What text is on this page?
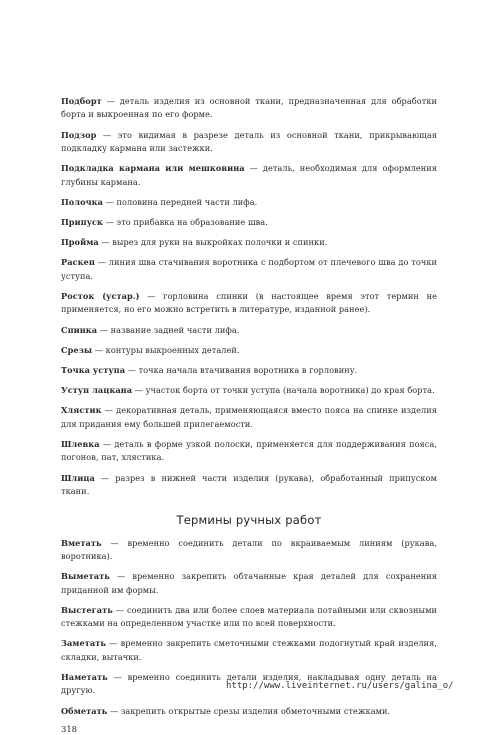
Подборт — деталь изделия из основной ткани, предназначенная для обработки борта и выкроенная по его форме.

Подзор — это видимая в разрезе деталь из основной ткани, прикрывающая подкладку кармана или застежки.

Подкладка кармана или мешковина — деталь, необходимая для оформления глубины кармана.

Полочка — половина передней части лифа.

Припуск — это прибавка на образование шва.

Пройма — вырез для руки на выкройках полочки и спинки.

Раскеп — линия шва стачивания воротника с подбортом от плечевого шва до точки уступа.

Росток (устар.) — горловина спинки (в настоящее время этот термин не применяется, но его можно встретить в литературе, изданной ранее).

Спинка — название задней части лифа.

Срезы — контуры выкроенных деталей.

Точка уступа — точка начала втачивания воротника в горловину.

Уступ лацкана — участок борта от точки уступа (начала воротника) до края борта.

Хлястик — декоративная деталь, применяющаяся вместо пояса на спинке изделия для придания ему большей прилегаемости.

Шлевка — деталь в форме узкой полоски, применяется для поддерживания пояса, погонов, пат, хлястика.

Шлица — разрез в нижней части изделия (рукава), обработанный припуском ткани.

Термины ручных работ

Вметать — временно соединить детали по вкраиваемым линиям (рукава, воротника).

Выметать — временно закрепить обтачанные края деталей для сохранения приданной им формы.

Выстегать — соединить два или более слоев материала потайными или сквозными стежками на определенном участке или по всей поверхности.

Заметать — временно закрепить сметочными стежками подогнутый край изделия, складки, вытачки.

Наметать — временно соединить детали изделия, накладывая одну деталь на другую.

Обметать — закрепить открытые срезы изделия обметочными стежками.

318
http://www.liveinternet.ru/users/galina_o/
